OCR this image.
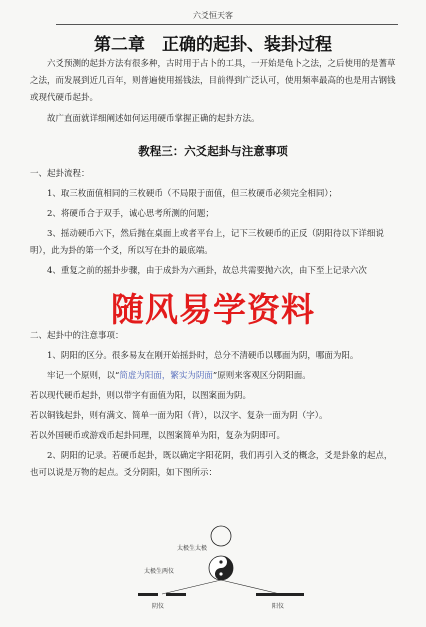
六爻恒天客
第二章　正确的起卦、装卦过程

六爻预测的起卦方法有很多种，古时用于占卜的工具，一开始是龟卜之法，之后使用的是蓍草之法，而发展到近几百年，则普遍使用摇钱法，目前得到广泛认可，使用频率最高的也是用古钢钱或现代硬币起卦。

故广直面就详细阐述如何运用硬币掌握正确的起卦方法。

教程三：六爻起卦与注意事项

一、起卦流程：

1、取三枚面值相同的三枚硬币（不局限于面值，但三枚硬币必须完全相同）；

2、将硬币合于双手，诚心思考所测的问题；

3、摇动硬币六下，然后抛在桌面上或者平台上，记下三枚硬币的正反（阴阳待以下详细说明），此为卦的第一个爻，所以写在卦的最底端。

4、重复之前的摇卦步骤，由于成卦为六画卦，故总共需要抛六次，由下至上记录六次

随风易学资料

二、起卦中的注意事项：

1、阴阳的区分。很多易友在刚开始摇卦时，总分不清硬币以哪面为阴，哪面为阳。

牢记一个原则，以“简虚为阳面，繁实为阴面”原则来客观区分阴阳面。

若以现代硬币起卦，则以带字有面值为阳，以图案面为阴。

若以铜钱起卦，则有满文、简单一面为阳（背），以汉字、复杂一面为阴（字）。

若以外国硬币或游戏币起卦同理，以图案简单为阳，复杂为阴即可。

2、阴阳的记录。若硬币起卦，既以确定字阳花阴，我们再引入爻的概念，爻是卦象的起点，也可以说是万物的起点。爻分阴阳，如下图所示：

太极生太极
太极生两仪
阴仪	阳仪
